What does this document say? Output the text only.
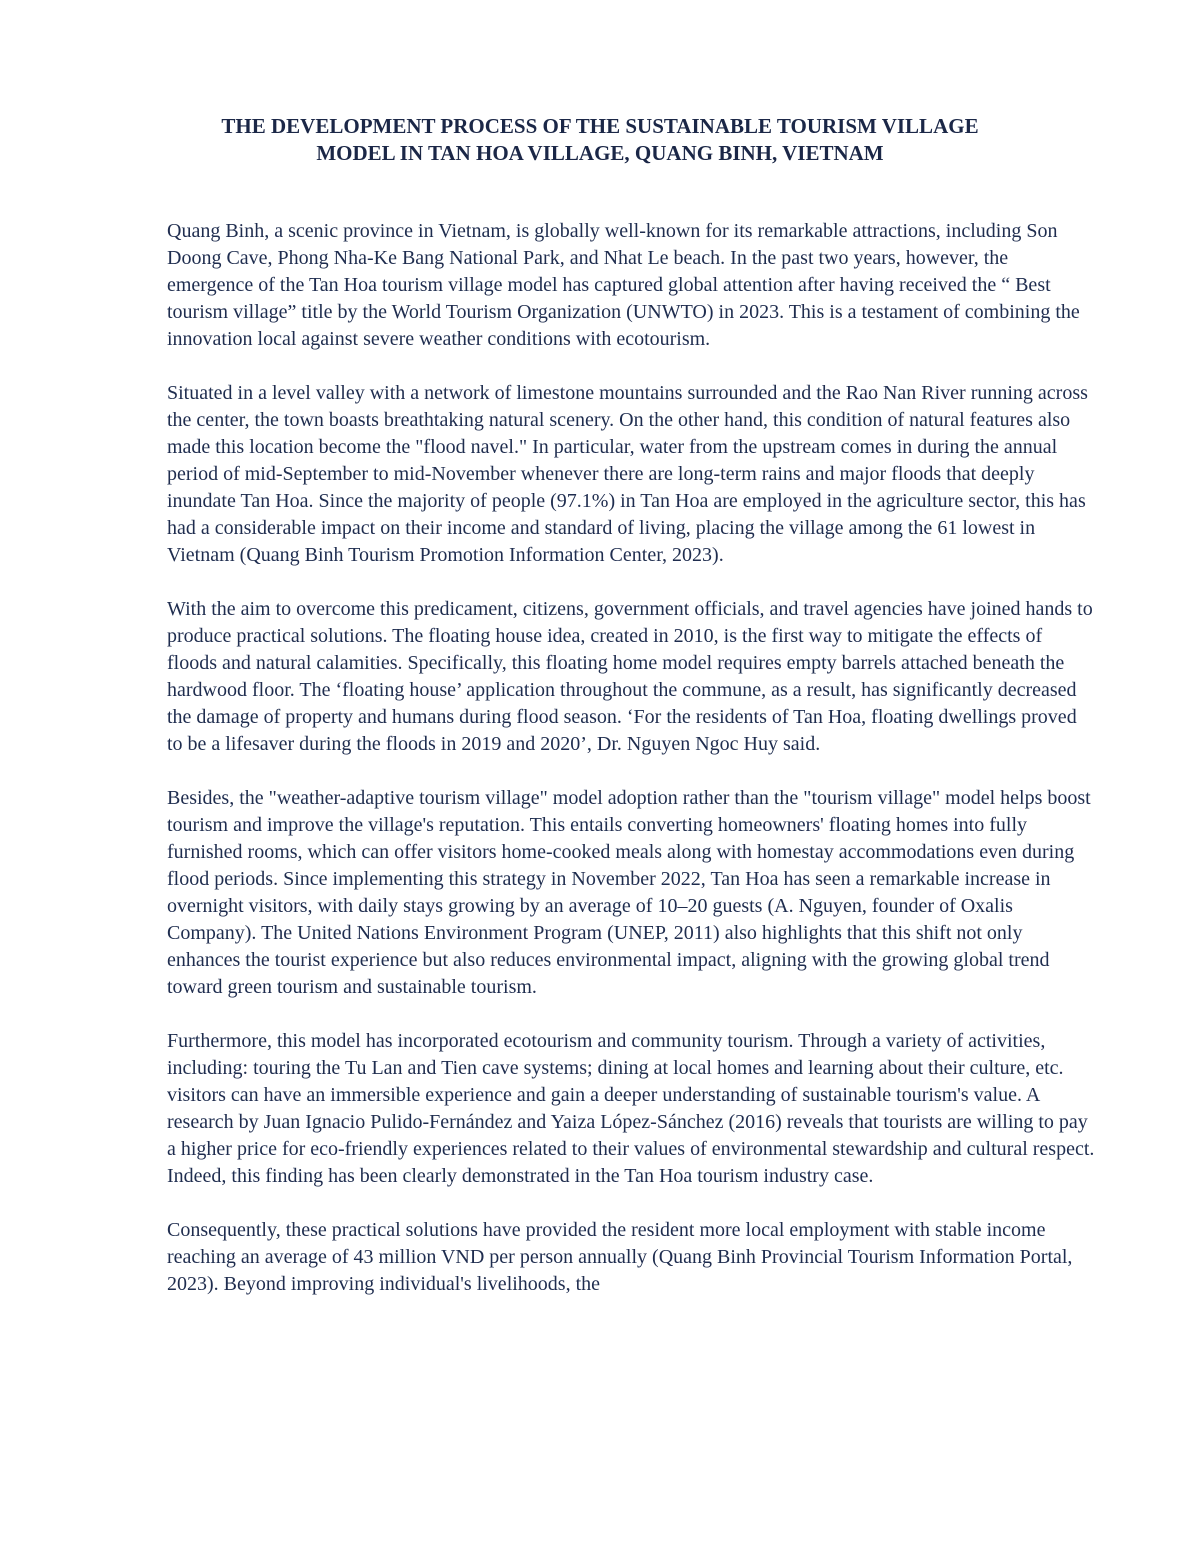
THE DEVELOPMENT PROCESS OF THE SUSTAINABLE TOURISM VILLAGE
MODEL IN TAN HOA VILLAGE, QUANG BINH, VIETNAM

Quang Binh, a scenic province in Vietnam, is globally well-known for its remarkable attractions, including Son Doong Cave, Phong Nha-Ke Bang National Park, and Nhat Le beach. In the past two years, however, the emergence of the Tan Hoa tourism village model has captured global attention after having received the “ Best tourism village” title by the World Tourism Organization (UNWTO) in 2023. This is a testament of combining the innovation local against severe weather conditions with ecotourism.

Situated in a level valley with a network of limestone mountains surrounded and the Rao Nan River running across the center, the town boasts breathtaking natural scenery. On the other hand, this condition of natural features also made this location become the "flood navel." In particular, water from the upstream comes in during the annual period of mid-September to mid-November whenever there are long-term rains and major floods that deeply inundate Tan Hoa. Since the majority of people (97.1%) in Tan Hoa are employed in the agriculture sector, this has had a considerable impact on their income and standard of living, placing the village among the 61 lowest in Vietnam (Quang Binh Tourism Promotion Information Center, 2023).

With the aim to overcome this predicament, citizens, government officials, and travel agencies have joined hands to produce practical solutions. The floating house idea, created in 2010, is the first way to mitigate the effects of floods and natural calamities. Specifically, this floating home model requires empty barrels attached beneath the hardwood floor. The ‘floating house’ application throughout the commune, as a result, has significantly decreased the damage of property and humans during flood season. ‘For the residents of Tan Hoa, floating dwellings proved to be a lifesaver during the floods in 2019 and 2020’, Dr. Nguyen Ngoc Huy said.

Besides, the "weather-adaptive tourism village" model adoption rather than the "tourism village" model helps boost tourism and improve the village's reputation. This entails converting homeowners' floating homes into fully furnished rooms, which can offer visitors home-cooked meals along with homestay accommodations even during flood periods. Since implementing this strategy in November 2022, Tan Hoa has seen a remarkable increase in overnight visitors, with daily stays growing by an average of 10–20 guests (A. Nguyen, founder of Oxalis Company). The United Nations Environment Program (UNEP, 2011) also highlights that this shift not only enhances the tourist experience but also reduces environmental impact, aligning with the growing global trend toward green tourism and sustainable tourism.

Furthermore, this model has incorporated ecotourism and community tourism. Through a variety of activities, including: touring the Tu Lan and Tien cave systems; dining at local homes and learning about their culture, etc. visitors can have an immersible experience and gain a deeper understanding of sustainable tourism's value. A research by Juan Ignacio Pulido-Fernández and Yaiza López-Sánchez (2016) reveals that tourists are willing to pay a higher price for eco-friendly experiences related to their values of environmental stewardship and cultural respect. Indeed, this finding has been clearly demonstrated in the Tan Hoa tourism industry case.

Consequently, these practical solutions have provided the resident more local employment with stable income reaching an average of 43 million VND per person annually (Quang Binh Provincial Tourism Information Portal, 2023). Beyond improving individual's livelihoods, the
